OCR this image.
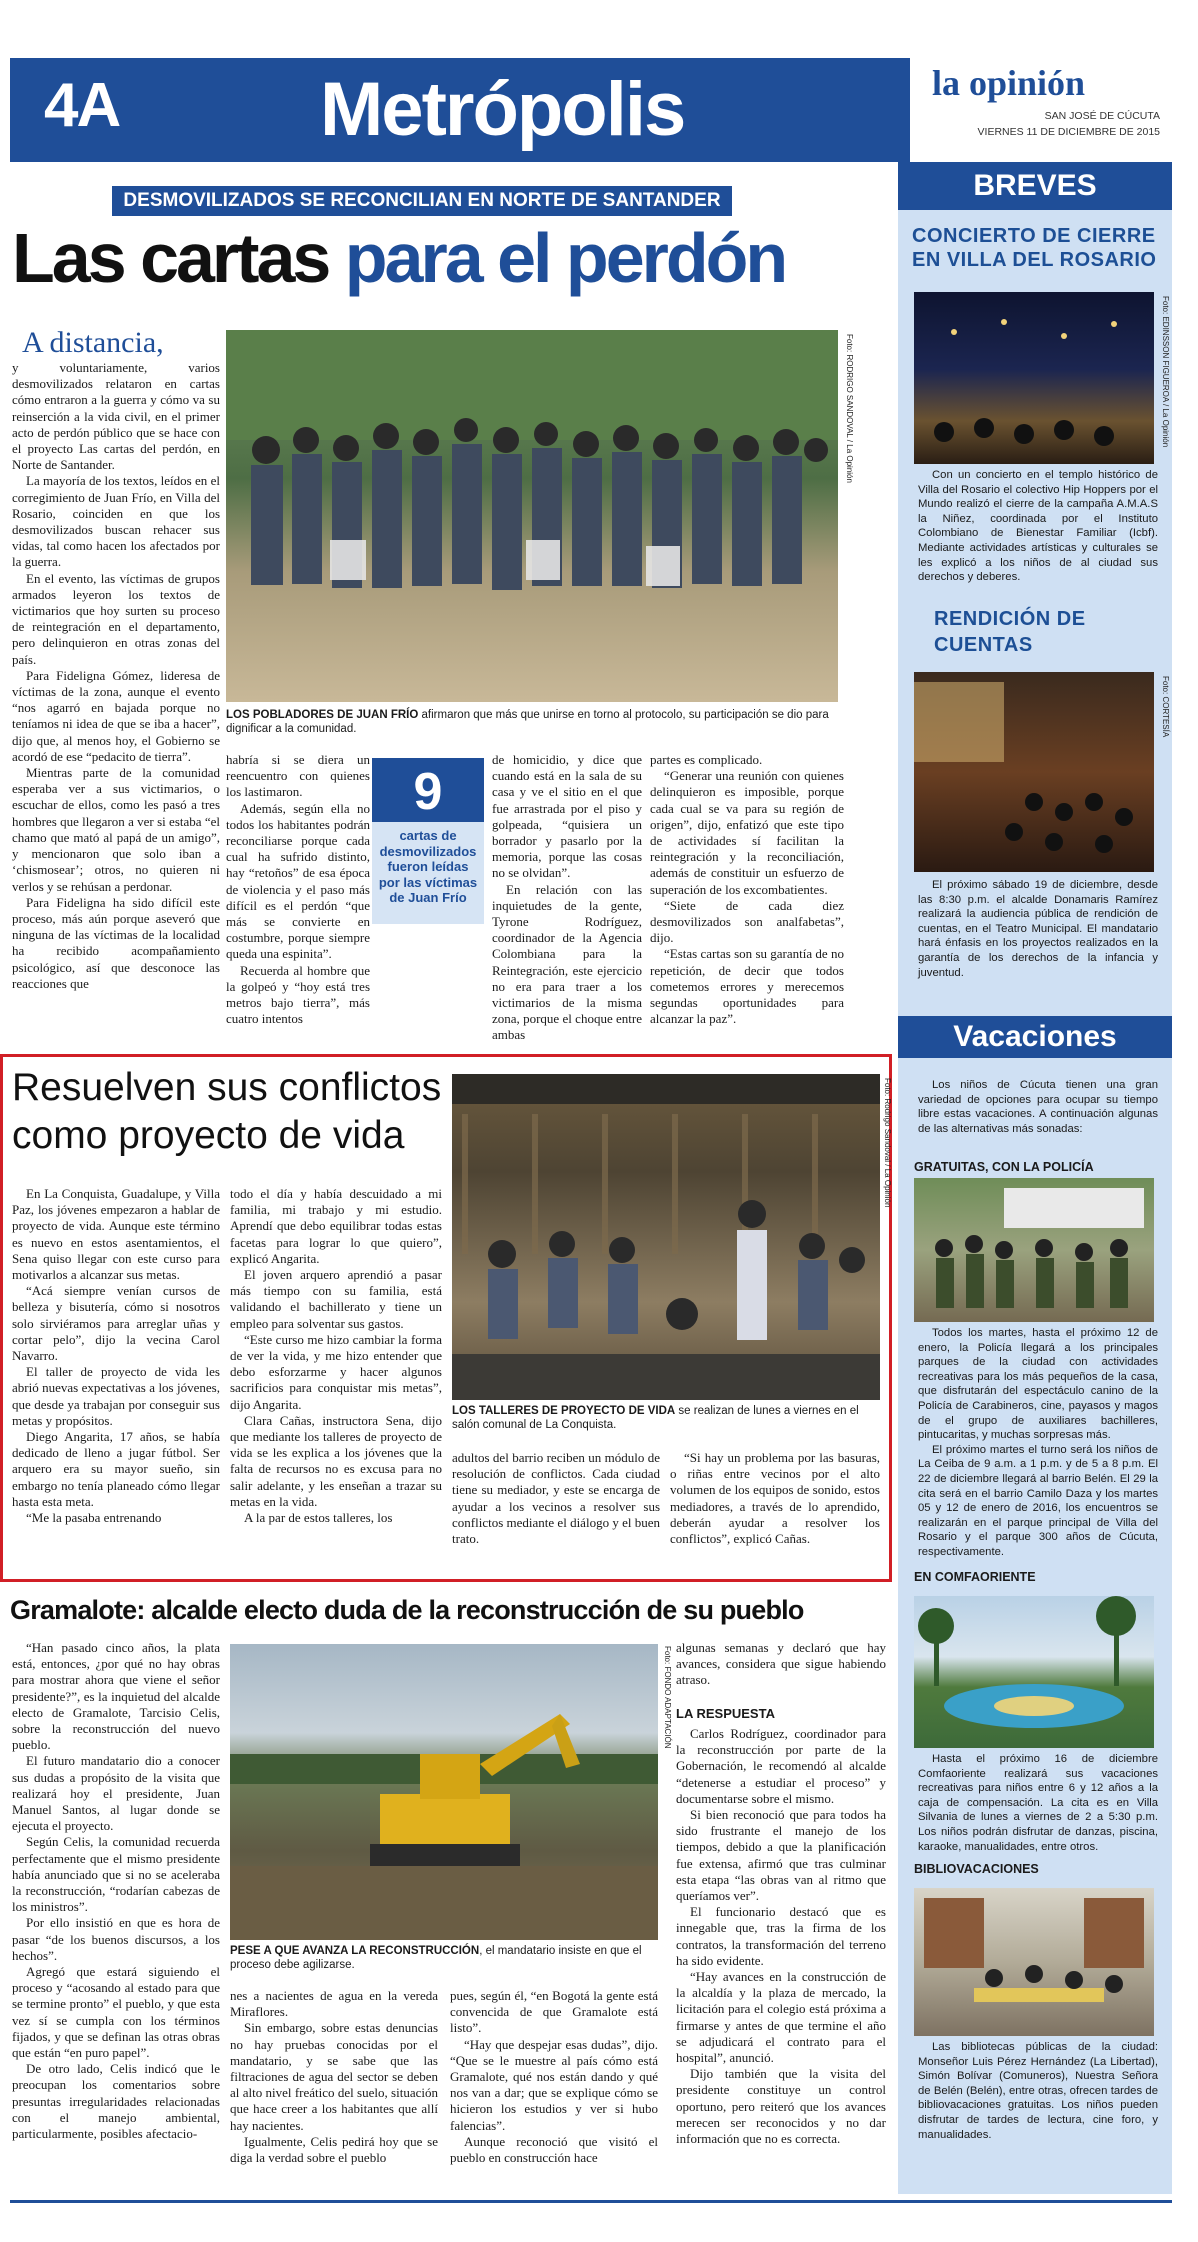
4A	Metrópolis	la opinión
SAN JOSÉ DE CÚCUTA
VIERNES 11 DE DICIEMBRE DE 2015
DESMOVILIZADOS SE RECONCILIAN EN NORTE DE SANTANDER
Las cartas para el perdón
A distancia,

y voluntariamente, varios desmovilizados relataron en cartas cómo entraron a la guerra y cómo va su reinserción a la vida civil, en el primer acto de perdón público que se hace con el proyecto Las cartas del perdón, en Norte de Santander.

La mayoría de los textos, leídos en el corregimiento de Juan Frío, en Villa del Rosario, coinciden en que los desmovilizados buscan rehacer sus vidas, tal como hacen los afectados por la guerra.

En el evento, las víctimas de grupos armados leyeron los textos de victimarios que hoy surten su proceso de reintegración en el departamento, pero delinquieron en otras zonas del país.

Para Fideligna Gómez, lideresa de víctimas de la zona, aunque el evento “nos agarró en bajada porque no teníamos ni idea de que se iba a hacer”, dijo que, al menos hoy, el Gobierno se acordó de ese “pedacito de tierra”.

Mientras parte de la comunidad esperaba ver a sus victimarios, o escuchar de ellos, como les pasó a tres hombres que llegaron a ver si estaba “el chamo que mató al papá de un amigo”, y mencionaron que solo iban a ‘chismosear’; otros, no quieren ni verlos y se rehúsan a perdonar.

Para Fideligna ha sido difícil este proceso, más aún porque aseveró que ninguna de las víctimas de la localidad ha recibido acompañamiento psicológico, así que desconoce las reacciones que

Foto: RODRIGO SANDOVAL / La Opinión
LOS POBLADORES DE JUAN FRÍO afirmaron que más que unirse en torno al protocolo, su participación se dio para dignificar a la comunidad.

habría si se diera un reencuentro con quienes los lastimaron.

Además, según ella no todos los habitantes podrán reconciliarse porque cada cual ha sufrido distinto, hay “retoños” de esa época de violencia y el paso más difícil es el perdón “que más se convierte en costumbre, porque siempre queda una espinita”.

Recuerda al hombre que la golpeó y “hoy está tres metros bajo tierra”, más cuatro intentos

9
cartas de desmovilizados fueron leídas por las víctimas de Juan Frío

de homicidio, y dice que cuando está en la sala de su casa y ve el sitio en el que fue arrastrada por el piso y golpeada, “quisiera un borrador y pasarlo por la memoria, porque las cosas no se olvidan”.

En relación con las inquietudes de la gente, Tyrone Rodríguez, coordinador de la Agencia Colombiana para la Reintegración, este ejercicio no era para traer a los victimarios de la misma zona, porque el choque entre ambas

partes es complicado.

“Generar una reunión con quienes delinquieron es imposible, porque cada cual se va para su región de origen”, dijo, enfatizó que este tipo de actividades sí facilitan la reintegración y la reconciliación, además de constituir un esfuerzo de superación de los excombatientes.

“Siete de cada diez desmovilizados son analfabetas”, dijo.

“Estas cartas son su garantía de no repetición, de decir que todos cometemos errores y merecemos segundas oportunidades para alcanzar la paz”.

Resuelven sus conflictos como proyecto de vida	Foto: Rodrigo Sandoval / La Opinión
LOS TALLERES DE PROYECTO DE VIDA se realizan de lunes a viernes en el salón comunal de La Conquista.

En La Conquista, Guadalupe, y Villa Paz, los jóvenes empezaron a hablar de proyecto de vida. Aunque este término es nuevo en estos asentamientos, el Sena quiso llegar con este curso para motivarlos a alcanzar sus metas.

“Acá siempre venían cursos de belleza y bisutería, cómo si nosotros solo sirviéramos para arreglar uñas y cortar pelo”, dijo la vecina Carol Navarro.

El taller de proyecto de vida les abrió nuevas expectativas a los jóvenes, que desde ya trabajan por conseguir sus metas y propósitos.

Diego Angarita, 17 años, se había dedicado de lleno a jugar fútbol. Ser arquero era su mayor sueño, sin embargo no tenía planeado cómo llegar hasta esta meta.

“Me la pasaba entrenando

todo el día y había descuidado a mi familia, mi trabajo y mi estudio. Aprendí que debo equilibrar todas estas facetas para lograr lo que quiero”, explicó Angarita.

El joven arquero aprendió a pasar más tiempo con su familia, está validando el bachillerato y tiene un empleo para solventar sus gastos.

“Este curso me hizo cambiar la forma de ver la vida, y me hizo entender que debo esforzarme y hacer algunos sacrificios para conquistar mis metas”, dijo Angarita.

Clara Cañas, instructora Sena, dijo que mediante los talleres de proyecto de vida se les explica a los jóvenes que la falta de recursos no es excusa para no salir adelante, y les enseñan a trazar su metas en la vida.

A la par de estos talleres, los

adultos del barrio reciben un módulo de resolución de conflictos. Cada ciudad tiene su mediador, y este se encarga de ayudar a los vecinos a resolver sus conflictos mediante el diálogo y el buen trato.

“Si hay un problema por las basuras, o riñas entre vecinos por el alto volumen de los equipos de sonido, estos mediadores, a través de lo aprendido, deberán ayudar a resolver los conflictos”, explicó Cañas.

Gramalote: alcalde electo duda de la reconstrucción de su pueblo

“Han pasado cinco años, la plata está, entonces, ¿por qué no hay obras para mostrar ahora que viene el señor presidente?”, es la inquietud del alcalde electo de Gramalote, Tarcisio Celis, sobre la reconstrucción del nuevo pueblo.

El futuro mandatario dio a conocer sus dudas a propósito de la visita que realizará hoy el presidente, Juan Manuel Santos, al lugar donde se ejecuta el proyecto.

Según Celis, la comunidad recuerda perfectamente que el mismo presidente había anunciado que si no se aceleraba la reconstrucción, “rodarían cabezas de los ministros”.

Por ello insistió en que es hora de pasar “de los buenos discursos, a los hechos”.

Agregó que estará siguiendo el proceso y “acosando al estado para que se termine pronto” el pueblo, y que esta vez sí se cumpla con los términos fijados, y que se definan las otras obras que están “en puro papel”.

De otro lado, Celis indicó que le preocupan los comentarios sobre presuntas irregularidades relacionadas con el manejo ambiental, particularmente, posibles afectacio-

Foto: FONDO ADAPTACIÓN
PESE A QUE AVANZA LA RECONSTRUCCIÓN, el mandatario insiste en que el proceso debe agilizarse.

nes a nacientes de agua en la vereda Miraflores.

Sin embargo, sobre estas denuncias no hay pruebas conocidas por el mandatario, y se sabe que las filtraciones de agua del sector se deben al alto nivel freático del suelo, situación que hace creer a los habitantes que allí hay nacientes.

Igualmente, Celis pedirá hoy que se diga la verdad sobre el pueblo

pues, según él, “en Bogotá la gente está convencida de que Gramalote está listo”.

“Hay que despejar esas dudas”, dijo. “Que se le muestre al país cómo está Gramalote, qué nos están dando y qué nos van a dar; que se explique cómo se hicieron los estudios y ver si hubo falencias”.

Aunque reconoció que visitó el pueblo en construcción hace

algunas semanas y declaró que hay avances, considera que sigue habiendo atraso.

LA RESPUESTA

Carlos Rodríguez, coordinador para la reconstrucción por parte de la Gobernación, le recomendó al alcalde “detenerse a estudiar el proceso” y documentarse sobre el mismo.

Si bien reconoció que para todos ha sido frustrante el manejo de los tiempos, debido a que la planificación fue extensa, afirmó que tras culminar esta etapa “las obras van al ritmo que queríamos ver”.

El funcionario destacó que es innegable que, tras la firma de los contratos, la transformación del terreno ha sido evidente.

“Hay avances en la construcción de la alcaldía y la plaza de mercado, la licitación para el colegio está próxima a firmarse y antes de que termine el año se adjudicará el contrato para el hospital”, anunció.

Dijo también que la visita del presidente constituye un control oportuno, pero reiteró que los avances merecen ser reconocidos y no dar información que no es correcta.

BREVES
CONCIERTO DE CIERRE EN VILLA DEL ROSARIO
Foto: EDINSSON FIGUEROA / La Opinión

Con un concierto en el templo histórico de Villa del Rosario el colectivo Hip Hoppers por el Mundo realizó el cierre de la campaña A.M.A.S la Niñez, coordinada por el Instituto Colombiano de Bienestar Familiar (Icbf). Mediante actividades artísticas y culturales se les explicó a los niños de al ciudad sus derechos y deberes.

RENDICIÓN DE CUENTAS
Foto: CORTESÍA

El próximo sábado 19 de diciembre, desde las 8:30 p.m. el alcalde Donamaris Ramírez realizará la audiencia pública de rendición de cuentas, en el Teatro Municipal. El mandatario hará énfasis en los proyectos realizados en la garantía de los derechos de la infancia y juventud.

Vacaciones

Los niños de Cúcuta tienen una gran variedad de opciones para ocupar su tiempo libre estas vacaciones. A continuación algunas de las alternativas más sonadas:

GRATUITAS, CON LA POLICÍA

Todos los martes, hasta el próximo 12 de enero, la Policía llegará a los principales parques de la ciudad con actividades recreativas para los más pequeños de la casa, que disfrutarán del espectáculo canino de la Policía de Carabineros, cine, payasos y magos de el grupo de auxiliares bachilleres, pintucaritas, y muchas sorpresas más.

El próximo martes el turno será los niños de La Ceiba de 9 a.m. a 1 p.m. y de 5 a 8 p.m. El 22 de diciembre llegará al barrio Belén. El 29 la cita será en el barrio Camilo Daza y los martes 05 y 12 de enero de 2016, los encuentros se realizarán en el parque principal de Villa del Rosario y el parque 300 años de Cúcuta, respectivamente.

EN COMFAORIENTE

Hasta el próximo 16 de diciembre Comfaoriente realizará sus vacaciones recreativas para niños entre 6 y 12 años a la caja de compensación. La cita es en Villa Silvania de lunes a viernes de 2 a 5:30 p.m. Los niños podrán disfrutar de danzas, piscina, karaoke, manualidades, entre otros.

BIBLIOVACACIONES

Las bibliotecas públicas de la ciudad: Monseñor Luis Pérez Hernández (La Libertad), Simón Bolívar (Comuneros), Nuestra Señora de Belén (Belén), entre otras, ofrecen tardes de bibliovacaciones gratuitas. Los niños pueden disfrutar de tardes de lectura, cine foro, y manualidades.
